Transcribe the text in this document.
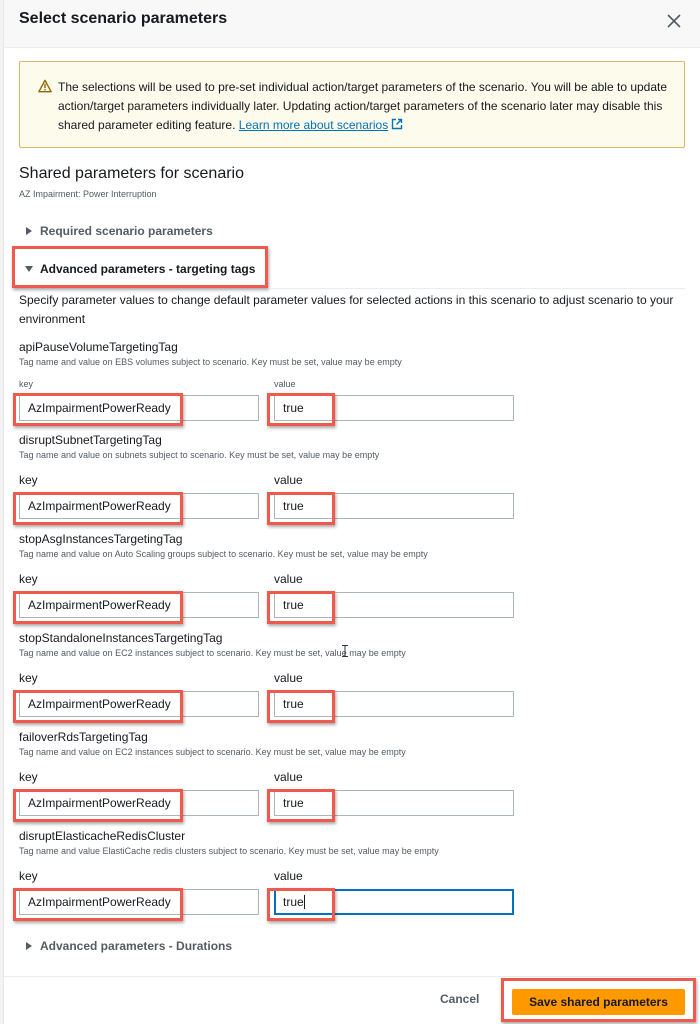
Select scenario parameters
The selections will be used to pre-set individual action/target parameters of the scenario. You will be able to update action/target parameters individually later. Updating action/target parameters of the scenario later may disable this shared parameter editing feature. Learn more about scenarios
Shared parameters for scenario
AZ Impairment: Power Interruption
Required scenario parameters
Advanced parameters - targeting tags
Specify parameter values to change default parameter values for selected actions in this scenario to adjust scenario to your environment
apiPauseVolumeTargetingTag
Tag name and value on EBS volumes subject to scenario. Key must be set, value may be empty
key	value
AzImpairmentPowerReady	true
disruptSubnetTargetingTag
Tag name and value on subnets subject to scenario. Key must be set, value may be empty
key	value
AzImpairmentPowerReady	true
stopAsgInstancesTargetingTag
Tag name and value on Auto Scaling groups subject to scenario. Key must be set, value may be empty
key	value
AzImpairmentPowerReady	true
stopStandaloneInstancesTargetingTag
Tag name and value on EC2 instances subject to scenario. Key must be set, value may be empty
key	value
AzImpairmentPowerReady	true
failoverRdsTargetingTag
Tag name and value on EC2 instances subject to scenario. Key must be set, value may be empty
key	value
AzImpairmentPowerReady	true
disruptElasticacheRedisCluster
Tag name and value ElastiCache redis clusters subject to scenario. Key must be set, value may be empty
key	value
AzImpairmentPowerReady	true
Advanced parameters - Durations
Cancel	Save shared parameters
